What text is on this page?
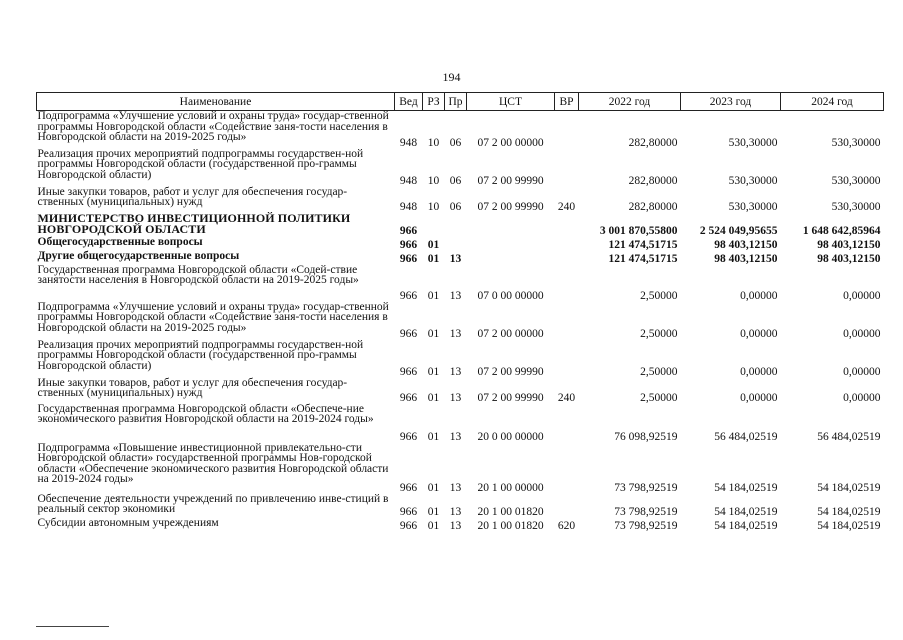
194
Наименование	Вед	РЗ	Пр	ЦСТ	ВР	2022 год	2023 год	2024 год
Подпрограмма «Улучшение условий и охраны труда» государ-ственной программы Новгородской области «Содействие заня-тости населения в Новгородской области на 2019-2025 годы»	948	10	06	07 2 00 00000		282,80000	530,30000	530,30000
Реализация прочих мероприятий подпрограммы государствен-ной программы Новгородской области (государственной про-граммы Новгородской области)	948	10	06	07 2 00 99990		282,80000	530,30000	530,30000
Иные закупки товаров, работ и услуг для обеспечения государ-ственных (муниципальных) нужд	948	10	06	07 2 00 99990	240	282,80000	530,30000	530,30000
МИНИСТЕРСТВО ИНВЕСТИЦИОННОЙ ПОЛИТИКИ НОВГОРОДСКОЙ ОБЛАСТИ	966					3 001 870,55800	2 524 049,95655	1 648 642,85964
Общегосударственные вопросы	966	01				121 474,51715	98 403,12150	98 403,12150
Другие общегосударственные вопросы	966	01	13			121 474,51715	98 403,12150	98 403,12150
Государственная программа Новгородской области «Содей-ствие занятости населения в Новгородской области на 2019-2025 годы»	966	01	13	07 0 00 00000		2,50000	0,00000	0,00000
Подпрограмма «Улучшение условий и охраны труда» государ-ственной программы Новгородской области «Содействие заня-тости населения в Новгородской области на 2019-2025 годы»	966	01	13	07 2 00 00000		2,50000	0,00000	0,00000
Реализация прочих мероприятий подпрограммы государствен-ной программы Новгородской области (государственной про-граммы Новгородской области)	966	01	13	07 2 00 99990		2,50000	0,00000	0,00000
Иные закупки товаров, работ и услуг для обеспечения государ-ственных (муниципальных) нужд	966	01	13	07 2 00 99990	240	2,50000	0,00000	0,00000
Государственная программа Новгородской области «Обеспече-ние экономического развития Новгородской области на 2019-2024 годы»	966	01	13	20 0 00 00000		76 098,92519	56 484,02519	56 484,02519
Подпрограмма «Повышение инвестиционной привлекательно-сти Новгородской области» государственной программы Нов-городской области «Обеспечение экономического развития Новгородской области на 2019-2024 годы»	966	01	13	20 1 00 00000		73 798,92519	54 184,02519	54 184,02519
Обеспечение деятельности учреждений по привлечению инве-стиций в реальный сектор экономики	966	01	13	20 1 00 01820		73 798,92519	54 184,02519	54 184,02519
Субсидии автономным учреждениям	966	01	13	20 1 00 01820	620	73 798,92519	54 184,02519	54 184,02519
